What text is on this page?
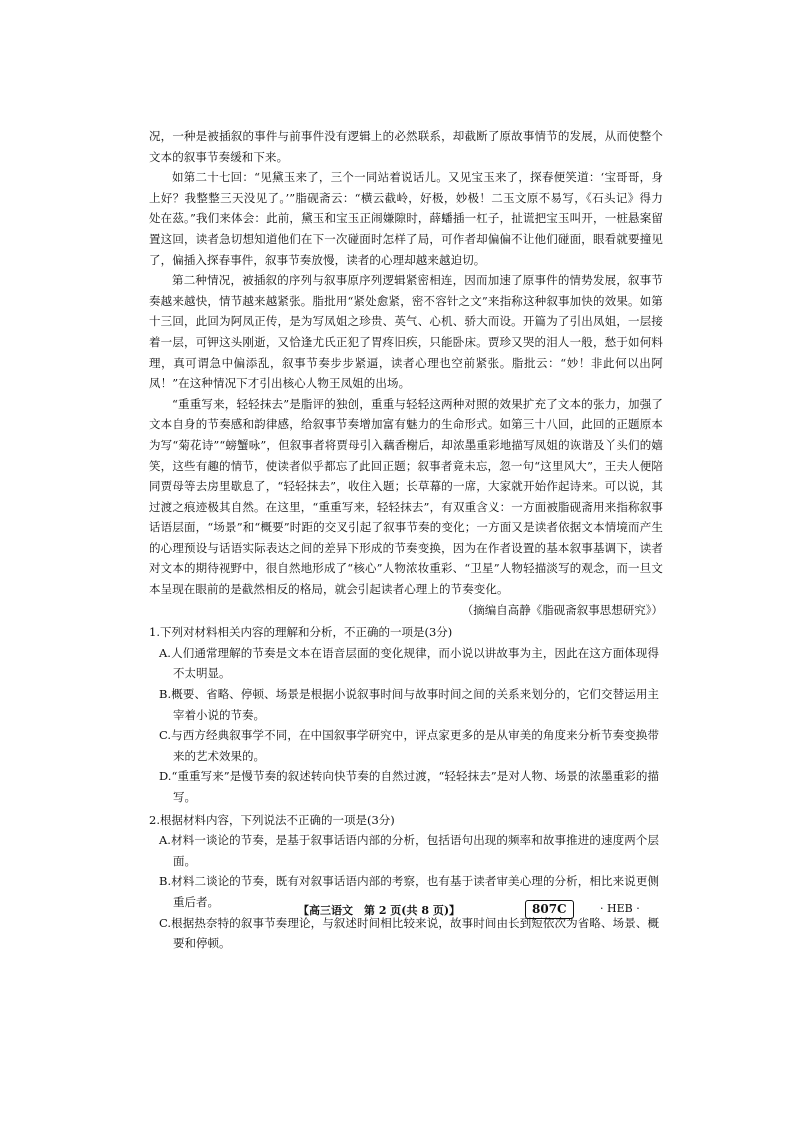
况，一种是被插叙的事件与前事件没有逻辑上的必然联系，却截断了原故事情节的发展，从而使整个文本的叙事节奏缓和下来。

如第二十七回：“见黛玉来了，三个一同站着说话儿。又见宝玉来了，探春便笑道：‘宝哥哥，身上好？我整整三天没见了。’”脂砚斋云：“横云截岭，好极，妙极！二玉文原不易写，《石头记》得力处在茲。”我们来体会：此前，黛玉和宝玉正闹嫌隙时，薛蟠插一杠子，扯谎把宝玉叫开，一桩悬案留置这回，读者急切想知道他们在下一次碰面时怎样了局，可作者却偏偏不让他们碰面，眼看就要撞见了，偏插入探春事件，叙事节奏放慢，读者的心理却越来越迫切。

第二种情况，被插叙的序列与叙事原序列逻辑紧密相连，因而加速了原事件的情势发展，叙事节奏越来越快，情节越来越紧张。脂批用“紧处愈紧，密不容针之文”来指称这种叙事加快的效果。如第十三回，此回为阿凤正传，是为写凤姐之珍贵、英气、心机、骄大而设。开篇为了引出凤姐，一层接着一层，可钾这头刚逝，又恰逢尤氏正犯了胃疼旧疾，只能卧床。贾珍又哭的泪人一般，愁于如何料理，真可谓急中偏添乱，叙事节奏步步紧逼，读者心理也空前紧张。脂批云：“妙！非此何以出阿凤！”在这种情况下才引出核心人物王凤姐的出场。

“重重写来，轻轻抹去”是脂评的独创，重重与轻轻这两种对照的效果扩充了文本的张力，加强了文本自身的节奏感和韵律感，给叙事节奏增加富有魅力的生命形式。如第三十八回，此回的正题原本为写“菊花诗”“螃蟹咏”，但叙事者将贾母引入藕香榭后，却浓墨重彩地描写凤姐的诙谐及丫头们的嬉笑，这些有趣的情节，使读者似乎都忘了此回正题；叙事者竟未忘，忽一句“这里风大”，王夫人便陪同贾母等去房里歇息了，“轻轻抹去”，收住入题；长草幕的一席，大家就开始作起诗来。可以说，其过渡之痕迹极其自然。在这里，“重重写来，轻轻抹去”，有双重含义：一方面被脂砚斋用来指称叙事话语层面，“场景”和“概要”时距的交叉引起了叙事节奏的变化；一方面又是读者依据文本情境而产生的心理预设与话语实际表达之间的差异下形成的节奏变换，因为在作者设置的基本叙事基调下，读者对文本的期待视野中，很自然地形成了“核心”人物浓妆重彩、“卫星”人物轻描淡写的观念，而一旦文本呈现在眼前的是截然相反的格局，就会引起读者心理上的节奏变化。

（摘编自高静《脂砚斋叙事思想研究》）

1.下列对材料相关内容的理解和分析，不正确的一项是(3分)

A.人们通常理解的节奏是文本在语音层面的变化规律，而小说以讲故事为主，因此在这方面体现得不太明显。

B.概要、省略、停顿、场景是根据小说叙事时间与故事时间之间的关系来划分的，它们交替运用主宰着小说的节奏。

C.与西方经典叙事学不同，在中国叙事学研究中，评点家更多的是从审美的角度来分析节奏变换带来的艺术效果的。

D.“重重写来”是慢节奏的叙述转向快节奏的自然过渡，“轻轻抹去”是对人物、场景的浓墨重彩的描写。

2.根据材料内容，下列说法不正确的一项是(3分)

A.材料一谈论的节奏，是基于叙事话语内部的分析，包括语句出现的频率和故事推进的速度两个层面。

B.材料二谈论的节奏，既有对叙事话语内部的考察，也有基于读者审美心理的分析，相比来说更侧重后者。

C.根据热奈特的叙事节奏理论，与叙述时间相比较来说，故事时间由长到短依次为省略、场景、概要和停顿。

【高三语文　第 2 页(共 8 页)】	807C	· HEB ·
